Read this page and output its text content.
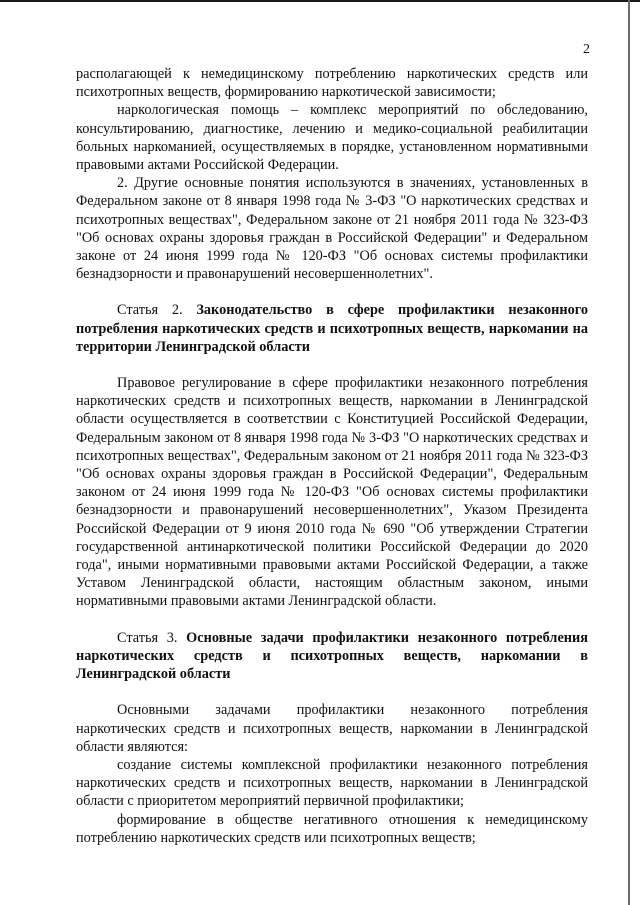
2

располагающей к немедицинскому потреблению наркотических средств или психотропных веществ, формированию наркотической зависимости;

наркологическая помощь – комплекс мероприятий по обследованию, консультированию, диагностике, лечению и медико-социальной реабилитации больных наркоманией, осуществляемых в порядке, установленном нормативными правовыми актами Российской Федерации.

2. Другие основные понятия используются в значениях, установленных в Федеральном законе от 8 января 1998 года № 3-ФЗ "О наркотических средствах и психотропных веществах", Федеральном законе от 21 ноября 2011 года № 323-ФЗ "Об основах охраны здоровья граждан в Российской Федерации" и Федеральном законе от 24 июня 1999 года № 120-ФЗ "Об основах системы профилактики безнадзорности и правонарушений несовершеннолетних".

Статья 2. Законодательство в сфере профилактики незаконного потребления наркотических средств и психотропных веществ, наркомании на территории Ленинградской области

Правовое регулирование в сфере профилактики незаконного потребления наркотических средств и психотропных веществ, наркомании в Ленинградской области осуществляется в соответствии с Конституцией Российской Федерации, Федеральным законом от 8 января 1998 года № 3-ФЗ "О наркотических средствах и психотропных веществах", Федеральным законом от 21 ноября 2011 года № 323-ФЗ "Об основах охраны здоровья граждан в Российской Федерации", Федеральным законом от 24 июня 1999 года № 120-ФЗ "Об основах системы профилактики безнадзорности и правонарушений несовершеннолетних", Указом Президента Российской Федерации от 9 июня 2010 года № 690 "Об утверждении Стратегии государственной антинаркотической политики Российской Федерации до 2020 года", иными нормативными правовыми актами Российской Федерации, а также Уставом Ленинградской области, настоящим областным законом, иными нормативными правовыми актами Ленинградской области.

Статья 3. Основные задачи профилактики незаконного потребления наркотических средств и психотропных веществ, наркомании в Ленинградской области

Основными задачами профилактики незаконного потребления наркотических средств и психотропных веществ, наркомании в Ленинградской области являются:

создание системы комплексной профилактики незаконного потребления наркотических средств и психотропных веществ, наркомании в Ленинградской области с приоритетом мероприятий первичной профилактики;

формирование в обществе негативного отношения к немедицинскому потреблению наркотических средств или психотропных веществ;
